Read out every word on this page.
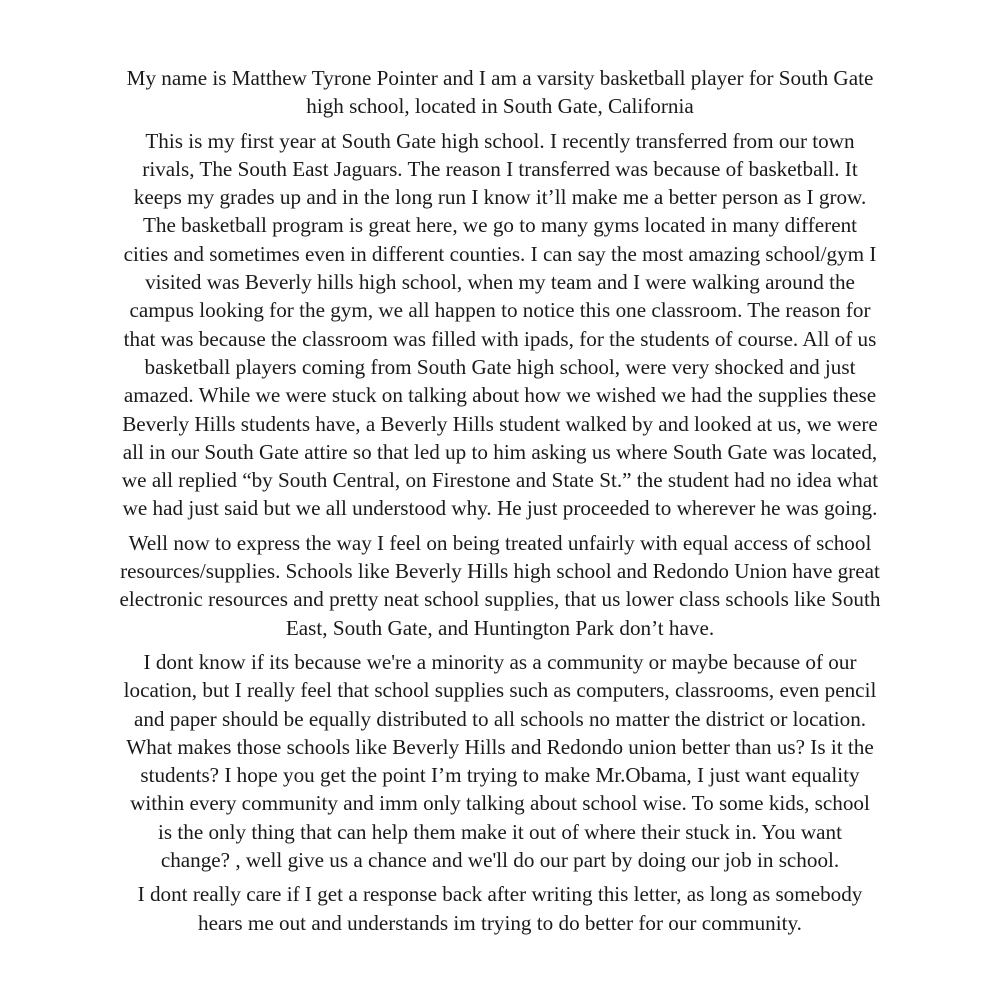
My name is Matthew Tyrone Pointer and I am a varsity basketball player for South Gate
high school, located in South Gate, California

This is my first year at South Gate high school. I recently transferred from our town
rivals, The South East Jaguars. The reason I transferred was because of basketball. It
keeps my grades up and in the long run I know it’ll make me a better person as I grow.
The basketball program is great here, we go to many gyms located in many different
cities and sometimes even in different counties. I can say the most amazing school/gym I
visited was Beverly hills high school, when my team and I were walking around the
campus looking for the gym, we all happen to notice this one classroom. The reason for
that was because the classroom was filled with ipads, for the students of course. All of us
basketball players coming from South Gate high school, were very shocked and just
amazed. While we were stuck on talking about how we wished we had the supplies these
Beverly Hills students have, a Beverly Hills student walked by and looked at us, we were
all in our South Gate attire so that led up to him asking us where South Gate was located,
we all replied “by South Central, on Firestone and State St.” the student had no idea what
we had just said but we all understood why. He just proceeded to wherever he was going.

Well now to express the way I feel on being treated unfairly with equal access of school
resources/supplies. Schools like Beverly Hills high school and Redondo Union have great
electronic resources and pretty neat school supplies, that us lower class schools like South
East, South Gate, and Huntington Park don’t have.

I dont know if its because we're a minority as a community or maybe because of our
location, but I really feel that school supplies such as computers, classrooms, even pencil
and paper should be equally distributed to all schools no matter the district or location.
What makes those schools like Beverly Hills and Redondo union better than us? Is it the
students? I hope you get the point I’m trying to make Mr.Obama, I just want equality
within every community and imm only talking about school wise. To some kids, school
is the only thing that can help them make it out of where their stuck in. You want
change? , well give us a chance and we'll do our part by doing our job in school.

I dont really care if I get a response back after writing this letter, as long as somebody
hears me out and understands im trying to do better for our community.
